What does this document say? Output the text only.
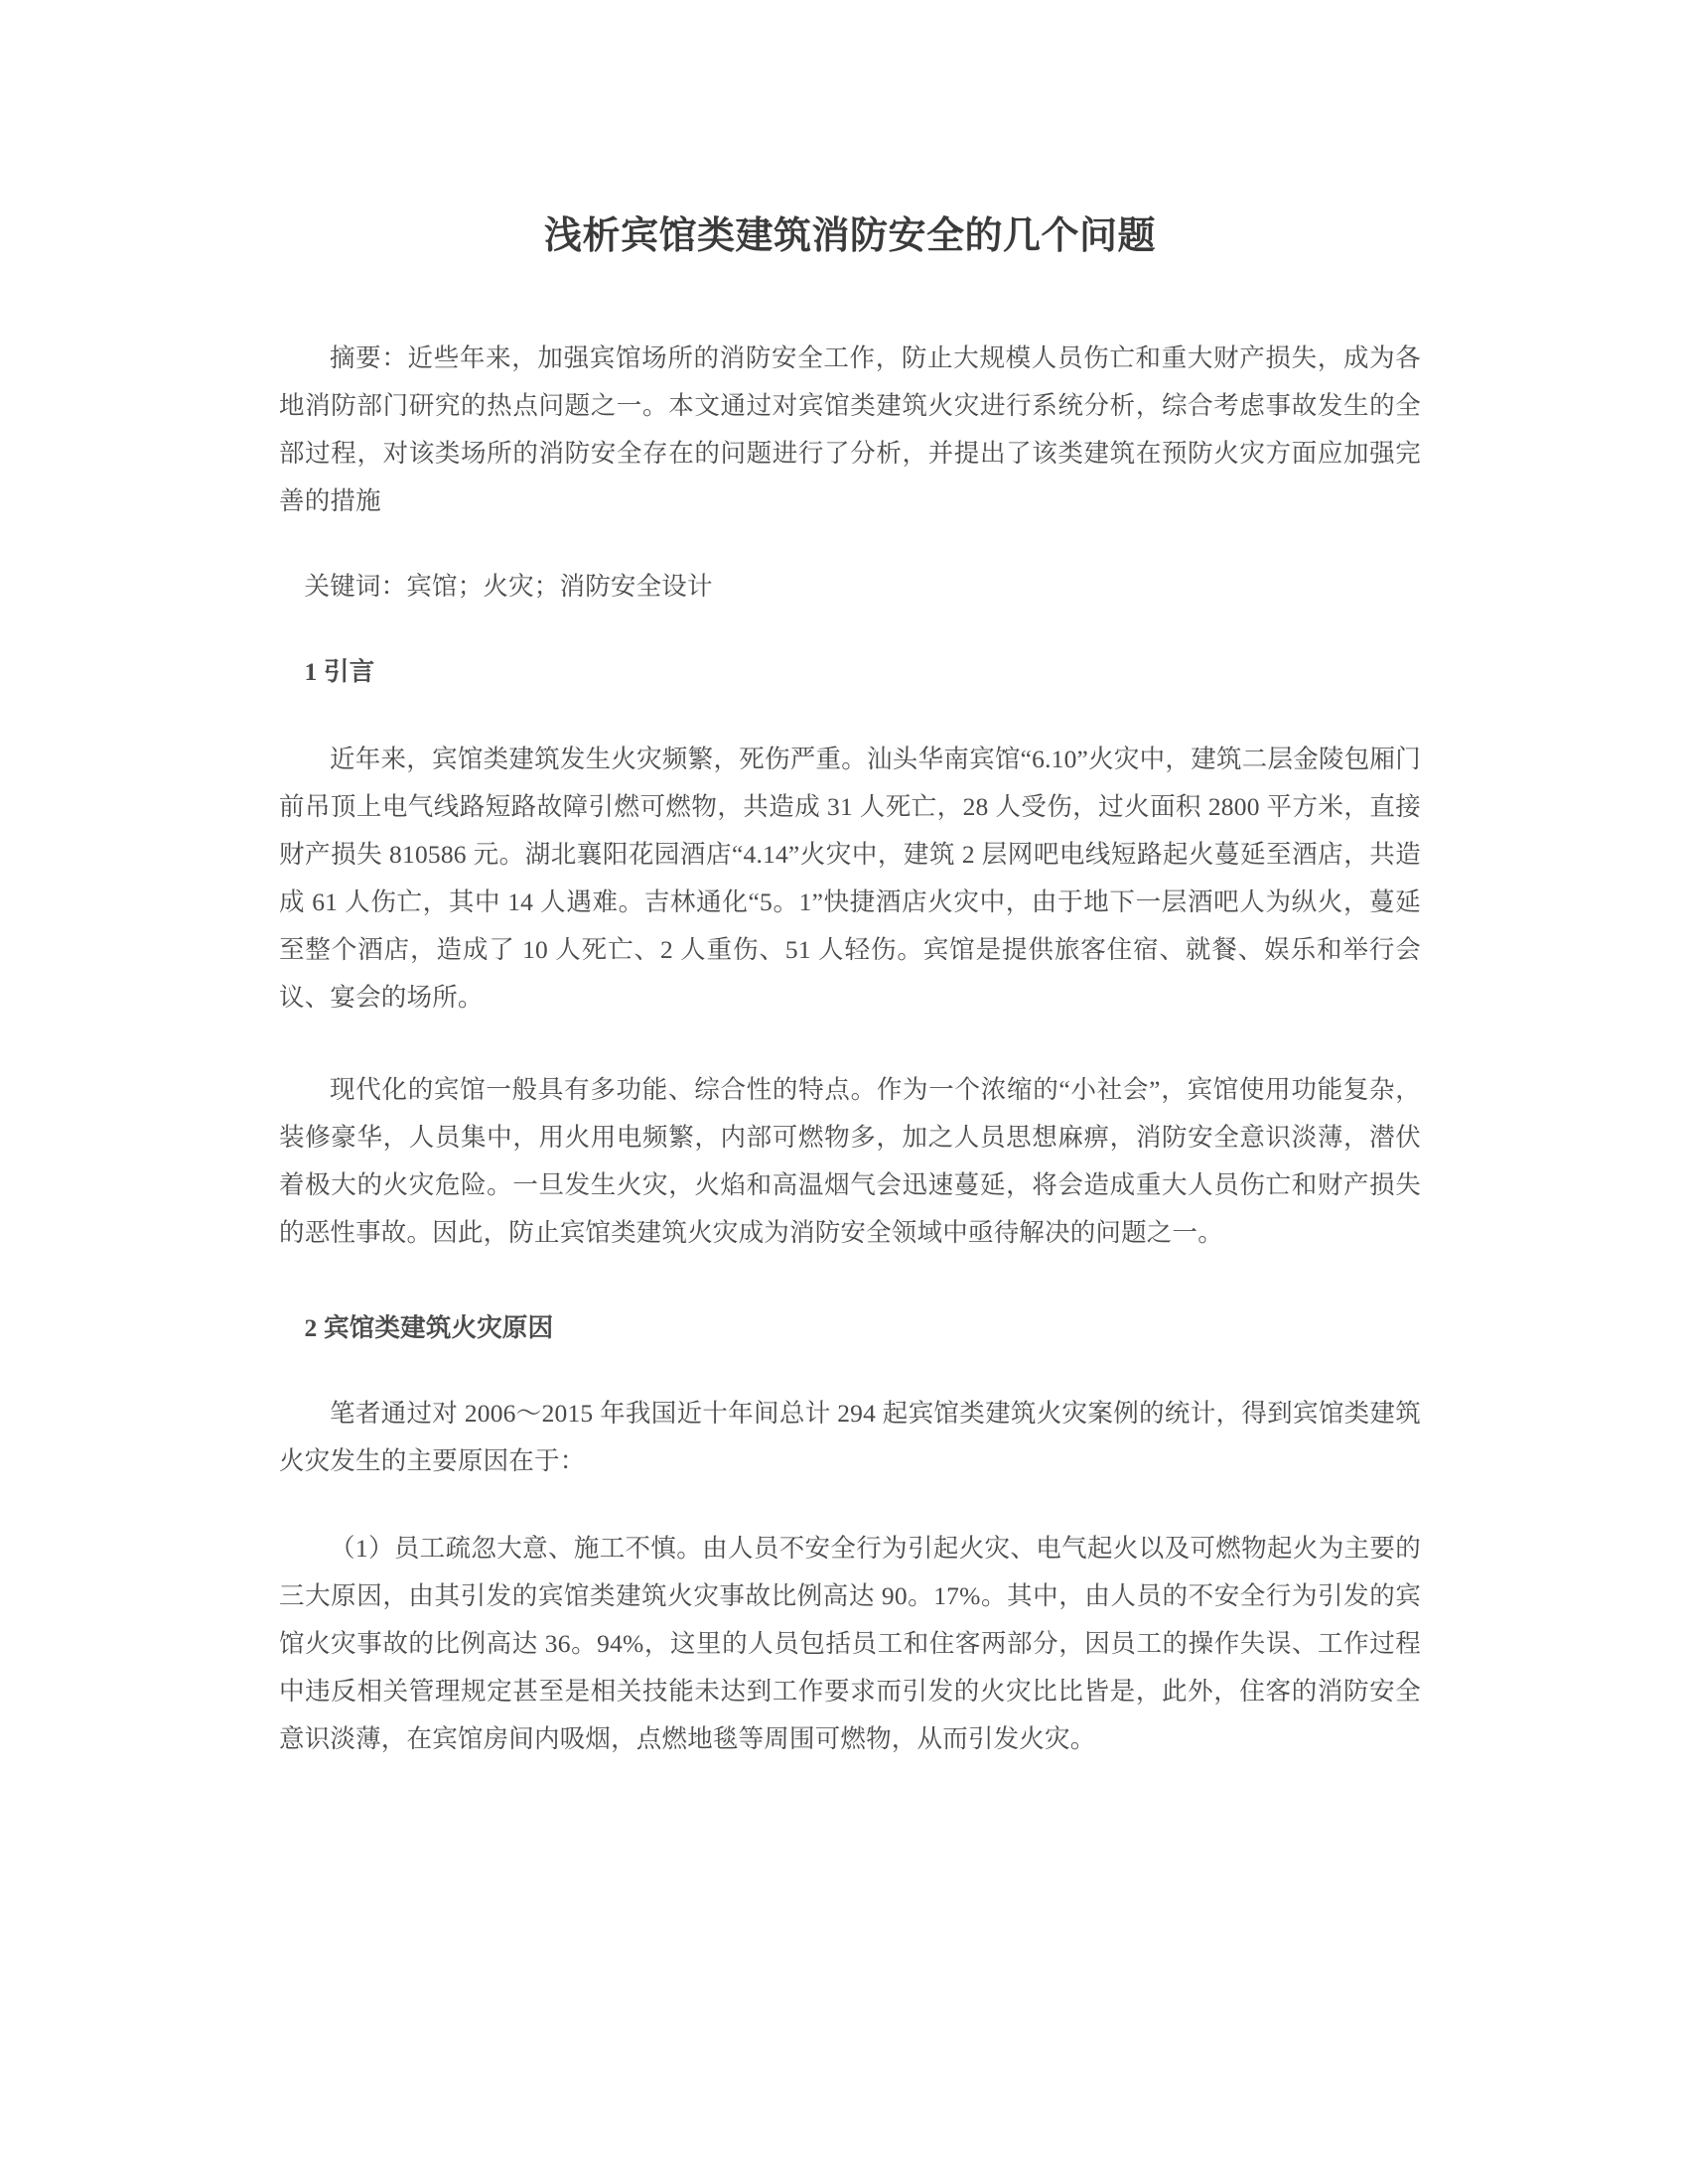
浅析宾馆类建筑消防安全的几个问题

摘要：近些年来，加强宾馆场所的消防安全工作，防止大规模人员伤亡和重大财产损失，成为各地消防部门研究的热点问题之一。本文通过对宾馆类建筑火灾进行系统分析，综合考虑事故发生的全部过程，对该类场所的消防安全存在的问题进行了分析，并提出了该类建筑在预防火灾方面应加强完善的措施

关键词：宾馆；火灾；消防安全设计

1 引言

近年来，宾馆类建筑发生火灾频繁，死伤严重。汕头华南宾馆“6.10”火灾中，建筑二层金陵包厢门前吊顶上电气线路短路故障引燃可燃物，共造成 31 人死亡，28 人受伤，过火面积 2800 平方米，直接财产损失 810586 元。湖北襄阳花园酒店“4.14”火灾中，建筑 2 层网吧电线短路起火蔓延至酒店，共造成 61 人伤亡，其中 14 人遇难。吉林通化“5。1”快捷酒店火灾中，由于地下一层酒吧人为纵火，蔓延至整个酒店，造成了 10 人死亡、2 人重伤、51 人轻伤。宾馆是提供旅客住宿、就餐、娱乐和举行会议、宴会的场所。

现代化的宾馆一般具有多功能、综合性的特点。作为一个浓缩的“小社会”，宾馆使用功能复杂，装修豪华，人员集中，用火用电频繁，内部可燃物多，加之人员思想麻痹，消防安全意识淡薄，潜伏着极大的火灾危险。一旦发生火灾，火焰和高温烟气会迅速蔓延，将会造成重大人员伤亡和财产损失的恶性事故。因此，防止宾馆类建筑火灾成为消防安全领域中亟待解决的问题之一。

2 宾馆类建筑火灾原因

笔者通过对 2006～2015 年我国近十年间总计 294 起宾馆类建筑火灾案例的统计，得到宾馆类建筑火灾发生的主要原因在于：

（1）员工疏忽大意、施工不慎。由人员不安全行为引起火灾、电气起火以及可燃物起火为主要的三大原因，由其引发的宾馆类建筑火灾事故比例高达 90。17%。其中，由人员的不安全行为引发的宾馆火灾事故的比例高达 36。94%，这里的人员包括员工和住客两部分，因员工的操作失误、工作过程中违反相关管理规定甚至是相关技能未达到工作要求而引发的火灾比比皆是，此外，住客的消防安全意识淡薄，在宾馆房间内吸烟，点燃地毯等周围可燃物，从而引发火灾。
